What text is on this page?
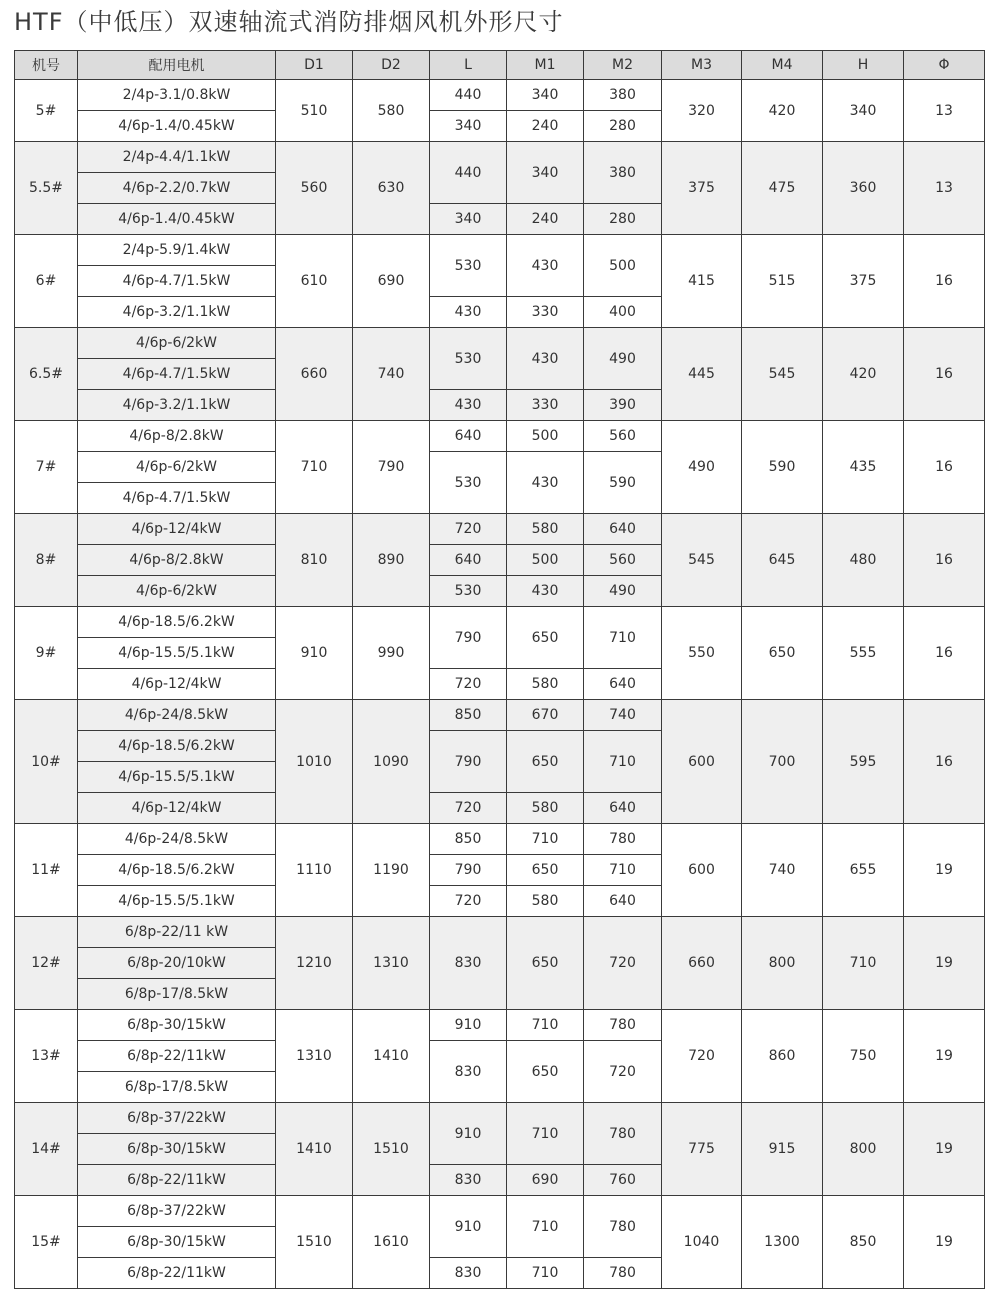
HTF（中低压）双速轴流式消防排烟风机外形尺寸
机号	配用电机	D1	D2	L	M1	M2	M3	M4	H	Φ
5#	2/4p-3.1/0.8kW	510	580	440	340	380	320	420	340	13
	4/6p-1.4/0.45kW			340	240	280				
5.5#	2/4p-4.4/1.1kW	560	630	440	340	380	375	475	360	13
	4/6p-2.2/0.7kW									
	4/6p-1.4/0.45kW			340	240	280				
6#	2/4p-5.9/1.4kW	610	690	530	430	500	415	515	375	16
	4/6p-4.7/1.5kW									
	4/6p-3.2/1.1kW			430	330	400				
6.5#	4/6p-6/2kW	660	740	530	430	490	445	545	420	16
	4/6p-4.7/1.5kW									
	4/6p-3.2/1.1kW			430	330	390				
7#	4/6p-8/2.8kW	710	790	640	500	560	490	590	435	16
	4/6p-6/2kW			530	430	590				
	4/6p-4.7/1.5kW									
8#	4/6p-12/4kW	810	890	720	580	640	545	645	480	16
	4/6p-8/2.8kW			640	500	560				
	4/6p-6/2kW			530	430	490				
9#	4/6p-18.5/6.2kW	910	990	790	650	710	550	650	555	16
	4/6p-15.5/5.1kW									
	4/6p-12/4kW			720	580	640				
10#	4/6p-24/8.5kW	1010	1090	850	670	740	600	700	595	16
	4/6p-18.5/6.2kW			790	650	710				
	4/6p-15.5/5.1kW									
	4/6p-12/4kW			720	580	640				
11#	4/6p-24/8.5kW	1110	1190	850	710	780	600	740	655	19
	4/6p-18.5/6.2kW			790	650	710				
	4/6p-15.5/5.1kW			720	580	640				
12#	6/8p-22/11 kW	1210	1310	830	650	720	660	800	710	19
	6/8p-20/10kW									
	6/8p-17/8.5kW									
13#	6/8p-30/15kW	1310	1410	910	710	780	720	860	750	19
	6/8p-22/11kW			830	650	720				
	6/8p-17/8.5kW									
14#	6/8p-37/22kW	1410	1510	910	710	780	775	915	800	19
	6/8p-30/15kW									
	6/8p-22/11kW			830	690	760				
15#	6/8p-37/22kW	1510	1610	910	710	780	1040	1300	850	19
	6/8p-30/15kW									
	6/8p-22/11kW			830	710	780				
